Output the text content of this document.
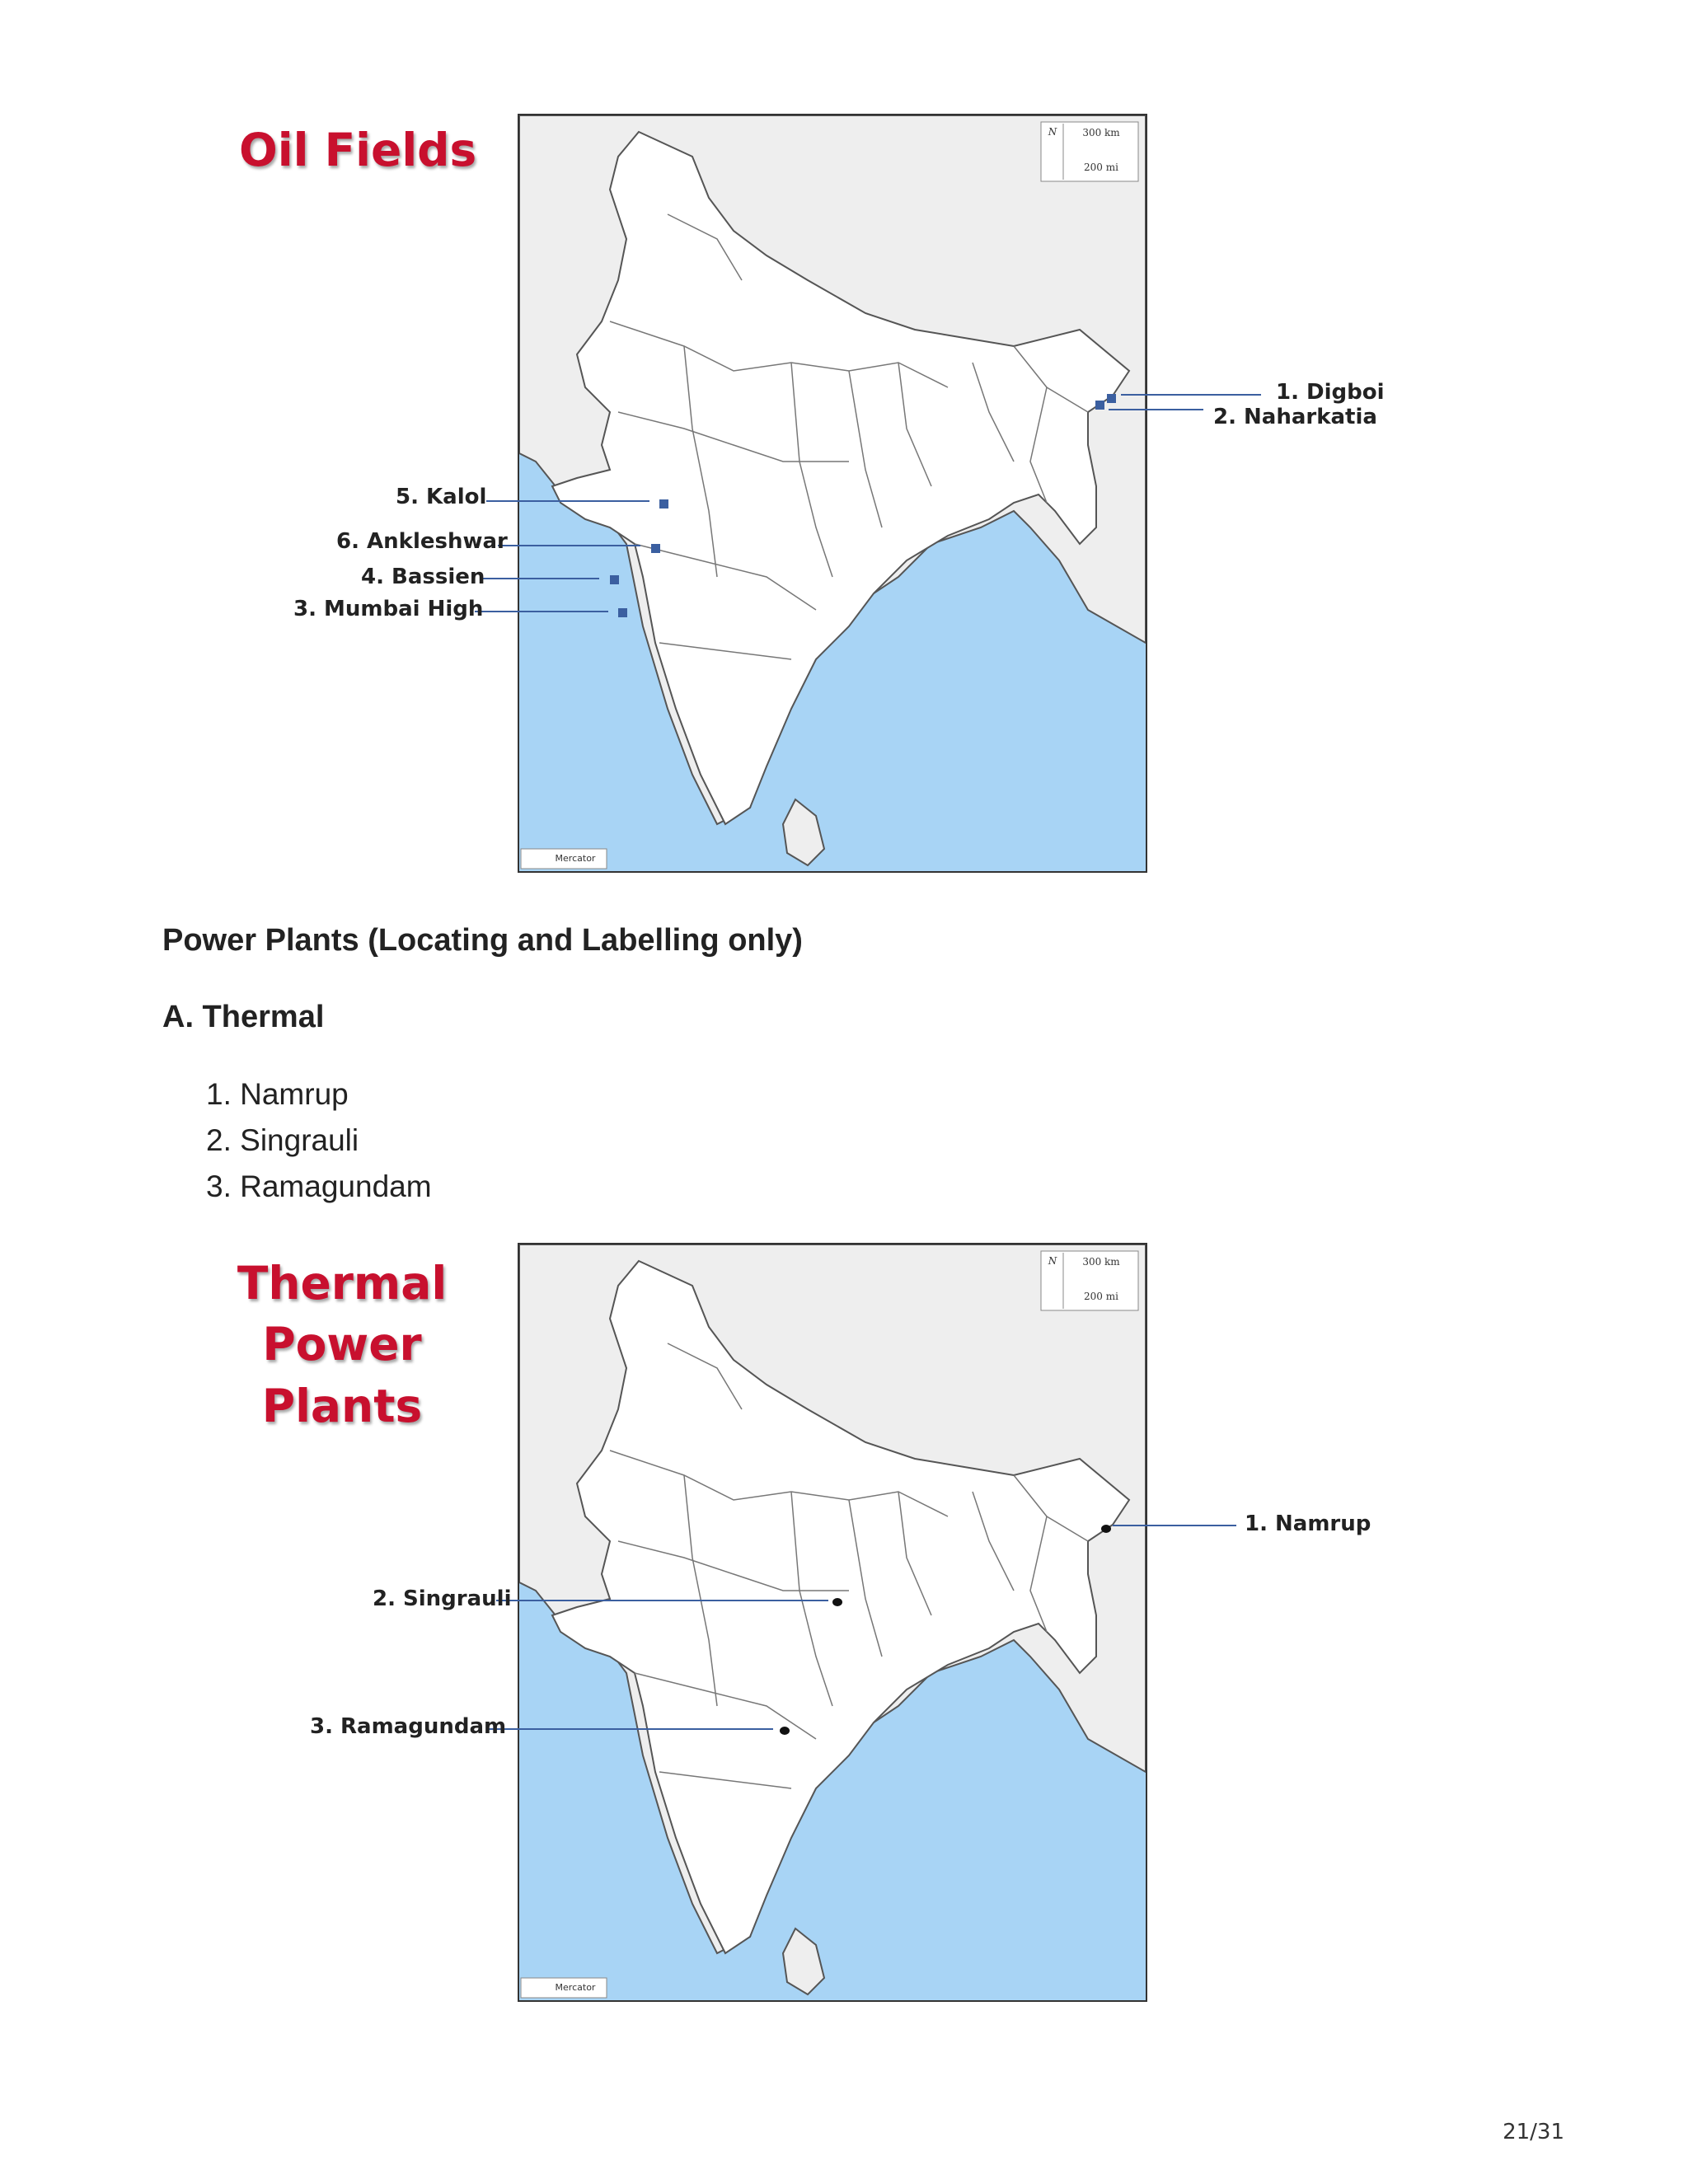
Oil Fields	N	300 km
200 mi
Mercator
1. Digboi
2. Naharkatia
5. Kalol
6. Ankleshwar
4. Bassien
3. Mumbai High
Power Plants (Locating and Labelling only)
A. Thermal
1. Namrup
2. Singrauli
3. Ramagundam
Thermal
Power Plants
N	300 km
200 mi
Mercator
1. Namrup
2. Singrauli
3. Ramagundam
21/31
